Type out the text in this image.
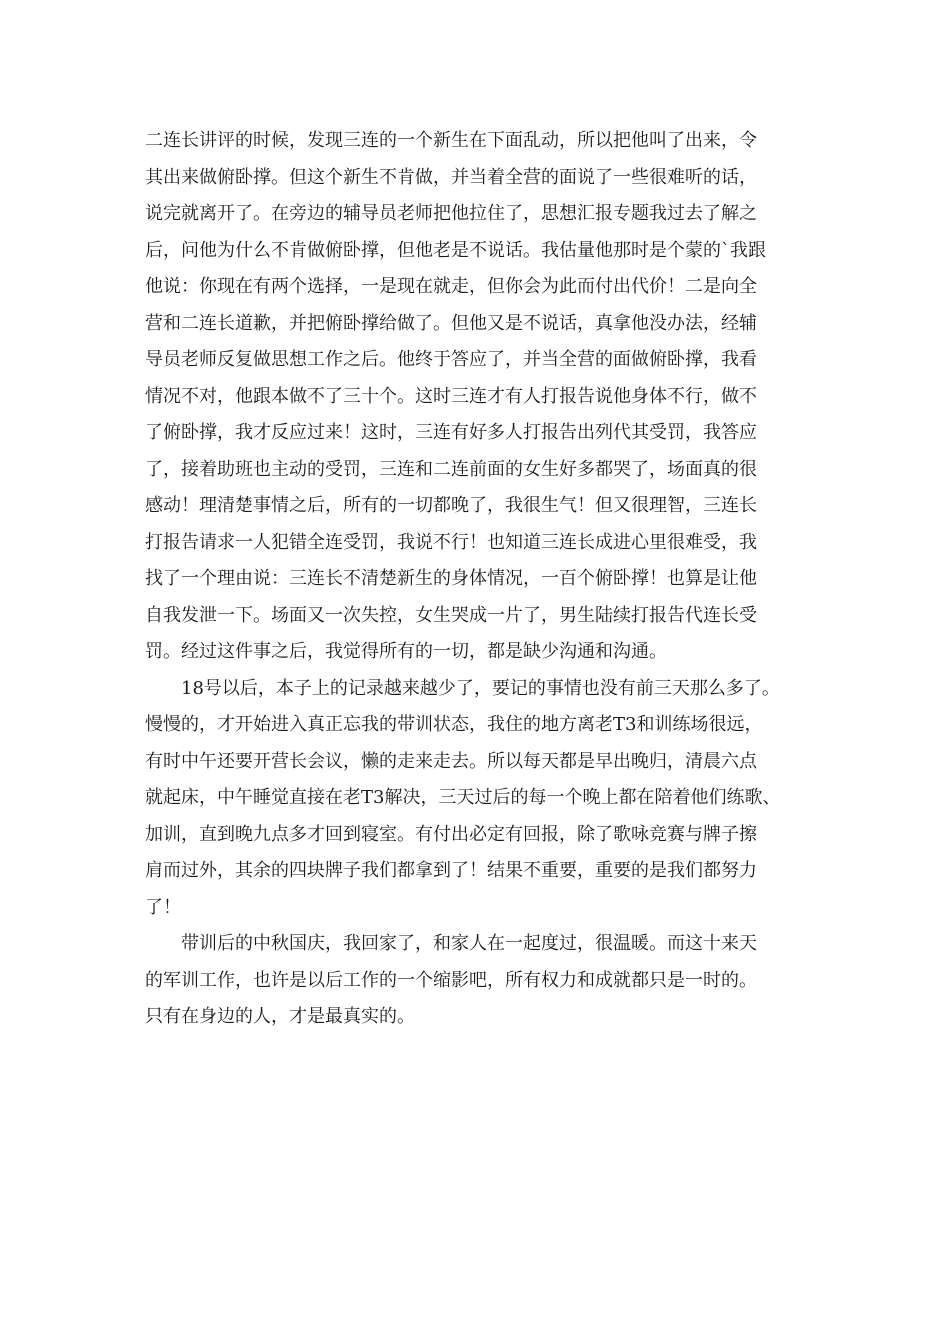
二连长讲评的时候，发现三连的一个新生在下面乱动，所以把他叫了出来，令
其出来做俯卧撑。但这个新生不肯做，并当着全营的面说了一些很难听的话，
说完就离开了。在旁边的辅导员老师把他拉住了，思想汇报专题我过去了解之
后，问他为什么不肯做俯卧撑，但他老是不说话。我估量他那时是个蒙的`我跟
他说：你现在有两个选择，一是现在就走，但你会为此而付出代价！二是向全
营和二连长道歉，并把俯卧撑给做了。但他又是不说话，真拿他没办法，经辅
导员老师反复做思想工作之后。他终于答应了，并当全营的面做俯卧撑，我看
情况不对，他跟本做不了三十个。这时三连才有人打报告说他身体不行，做不
了俯卧撑，我才反应过来！这时，三连有好多人打报告出列代其受罚，我答应
了，接着助班也主动的受罚，三连和二连前面的女生好多都哭了，场面真的很
感动！理清楚事情之后，所有的一切都晚了，我很生气！但又很理智，三连长
打报告请求一人犯错全连受罚，我说不行！也知道三连长成进心里很难受，我
找了一个理由说：三连长不清楚新生的身体情况，一百个俯卧撑！也算是让他
自我发泄一下。场面又一次失控，女生哭成一片了，男生陆续打报告代连长受
罚。经过这件事之后，我觉得所有的一切，都是缺少沟通和沟通。
18号以后，本子上的记录越来越少了，要记的事情也没有前三天那么多了。
慢慢的，才开始进入真正忘我的带训状态，我住的地方离老T3和训练场很远，
有时中午还要开营长会议，懒的走来走去。所以每天都是早出晚归，清晨六点
就起床，中午睡觉直接在老T3解决，三天过后的每一个晚上都在陪着他们练歌、
加训，直到晚九点多才回到寝室。有付出必定有回报，除了歌咏竞赛与牌子擦
肩而过外，其余的四块牌子我们都拿到了！结果不重要，重要的是我们都努力
了！
带训后的中秋国庆，我回家了，和家人在一起度过，很温暖。而这十来天
的军训工作，也许是以后工作的一个缩影吧，所有权力和成就都只是一时的。
只有在身边的人，才是最真实的。
